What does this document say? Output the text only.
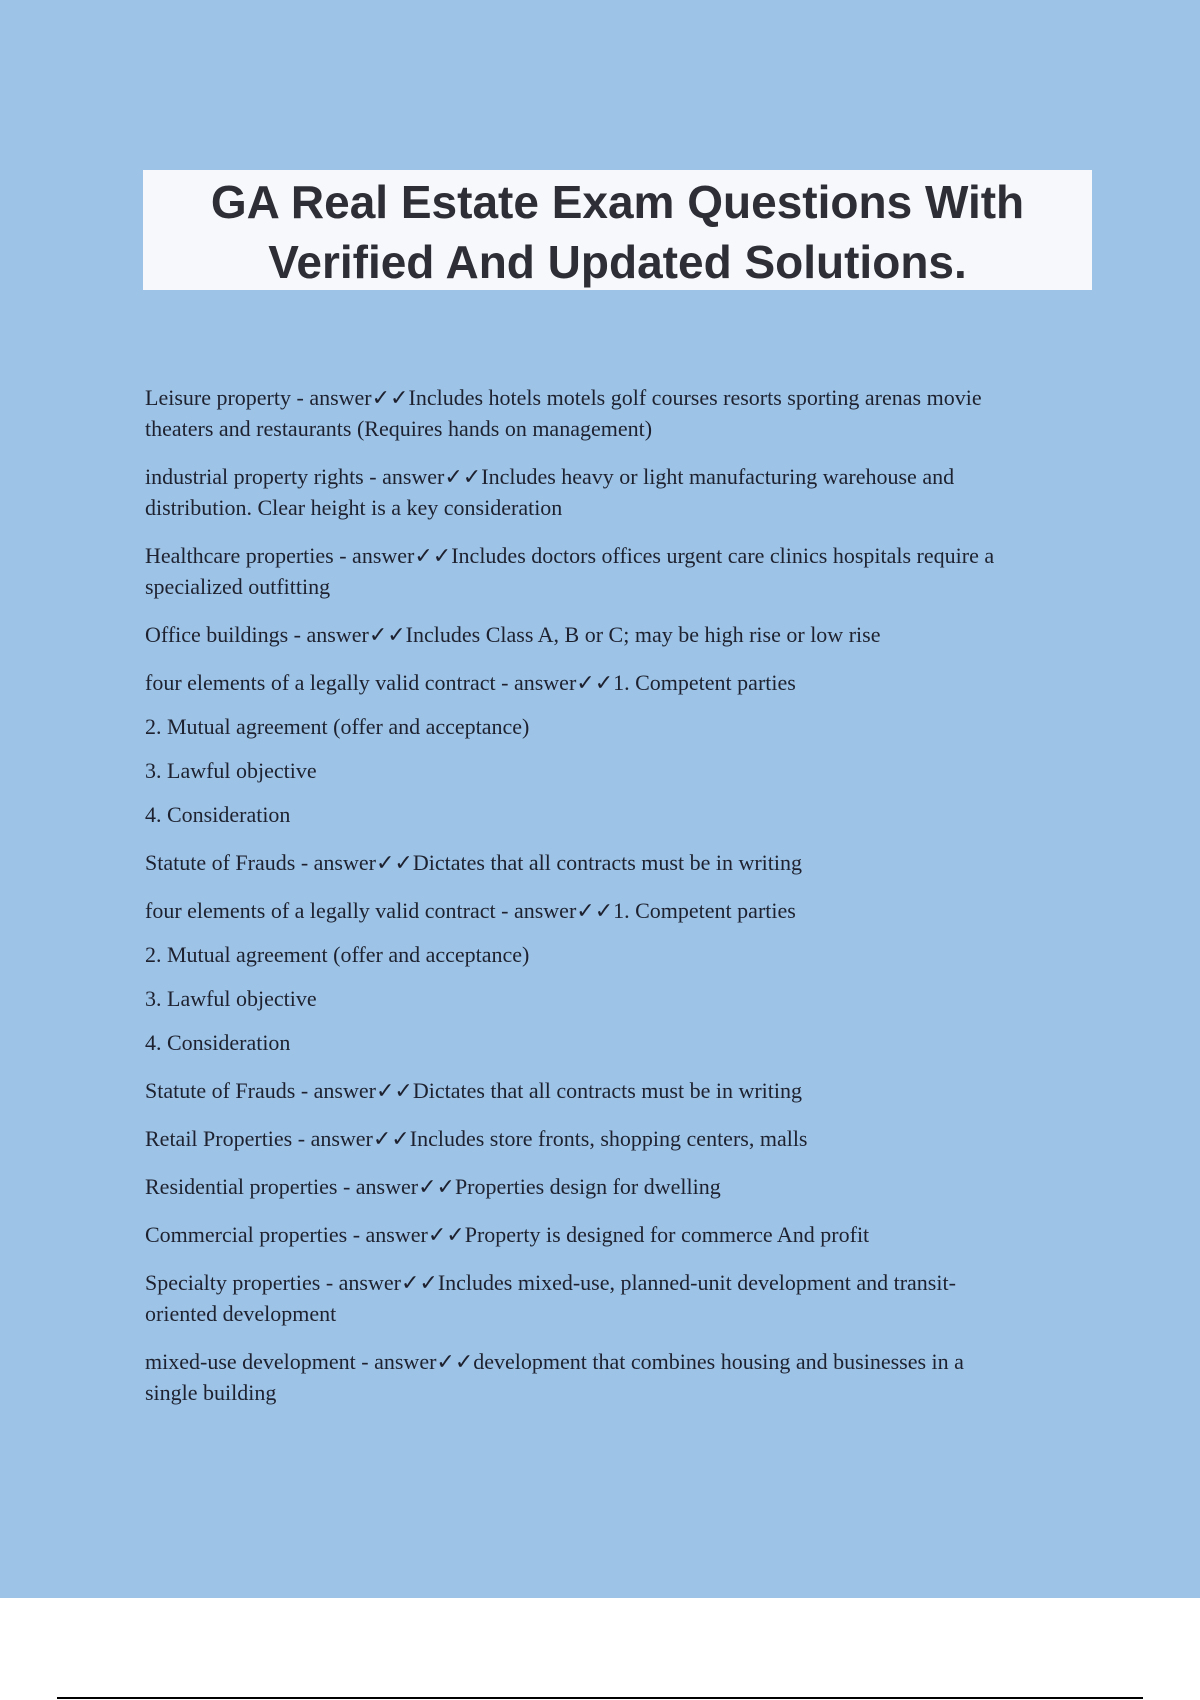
GA Real Estate Exam Questions With
Verified And Updated Solutions.
Leisure property - answer✓✓Includes hotels motels golf courses resorts sporting arenas movie
theaters and restaurants (Requires hands on management)
industrial property rights - answer✓✓Includes heavy or light manufacturing warehouse and
distribution. Clear height is a key consideration
Healthcare properties - answer✓✓Includes doctors offices urgent care clinics hospitals require a
specialized outfitting
Office buildings - answer✓✓Includes Class A, B or C; may be high rise or low rise
four elements of a legally valid contract - answer✓✓1. Competent parties
2. Mutual agreement (offer and acceptance)
3. Lawful objective
4. Consideration
Statute of Frauds - answer✓✓Dictates that all contracts must be in writing
four elements of a legally valid contract - answer✓✓1. Competent parties
2. Mutual agreement (offer and acceptance)
3. Lawful objective
4. Consideration
Statute of Frauds - answer✓✓Dictates that all contracts must be in writing
Retail Properties - answer✓✓Includes store fronts, shopping centers, malls
Residential properties - answer✓✓Properties design for dwelling
Commercial properties - answer✓✓Property is designed for commerce And profit
Specialty properties - answer✓✓Includes mixed-use, planned-unit development and transit-
oriented development
mixed-use development - answer✓✓development that combines housing and businesses in a
single building
